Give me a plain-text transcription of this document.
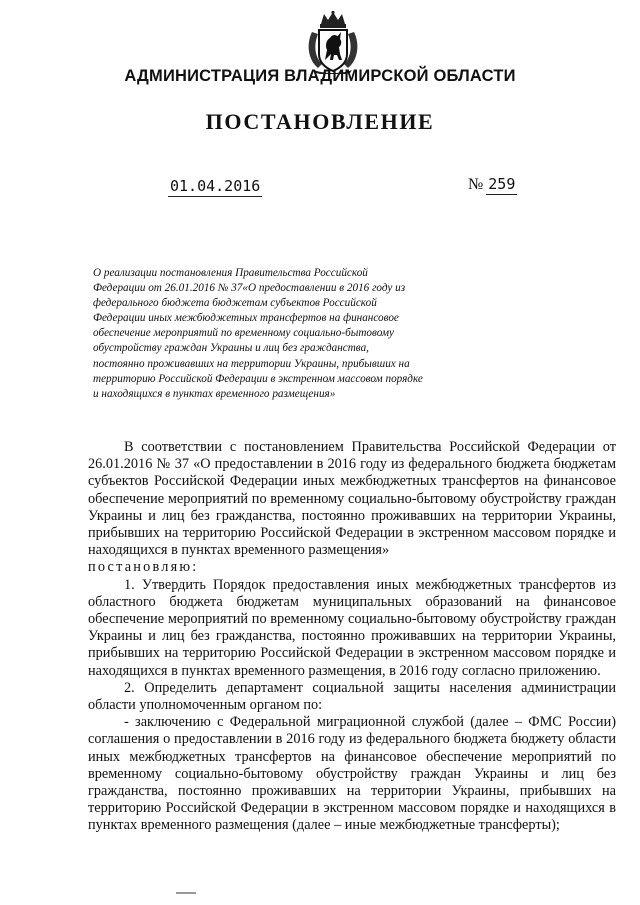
АДМИНИСТРАЦИЯ ВЛАДИМИРСКОЙ ОБЛАСТИ
ПОСТАНОВЛЕНИЕ
01.04.2016	№ 259
О реализации постановления Правительства Российской Федерации от 26.01.2016 № 37«О предоставлении в 2016 году из федерального бюджета бюджетам субъектов Российской Федерации иных межбюджетных трансфертов на финансовое обеспечение мероприятий по временному социально-бытовому обустройству граждан Украины и лиц без гражданства, постоянно проживавших на территории Украины, прибывших на территорию Российской Федерации в экстренном массовом порядке и находящихся в пунктах временного размещения»

В соответствии с постановлением Правительства Российской Федерации от 26.01.2016 № 37 «О предоставлении в 2016 году из федерального бюджета бюджетам субъектов Российской Федерации иных межбюджетных трансфертов на финансовое обеспечение мероприятий по временному социально-бытовому обустройству граждан Украины и лиц без гражданства, постоянно проживавших на территории Украины, прибывших на территорию Российской Федерации в экстренном массовом порядке и находящихся в пунктах временного размещения»

постановляю:

1. Утвердить Порядок предоставления иных межбюджетных трансфертов из областного бюджета бюджетам муниципальных образований на финансовое обеспечение мероприятий по временному социально-бытовому обустройству граждан Украины и лиц без гражданства, постоянно проживавших на территории Украины, прибывших на территорию Российской Федерации в экстренном массовом порядке и находящихся в пунктах временного размещения, в 2016 году согласно приложению.

2. Определить департамент социальной защиты населения администрации области уполномоченным органом по:

- заключению с Федеральной миграционной службой (далее – ФМС России) соглашения о предоставлении в 2016 году из федерального бюджета бюджету области иных межбюджетных трансфертов на финансовое обеспечение мероприятий по временному социально-бытовому обустройству граждан Украины и лиц без гражданства, постоянно проживавших на территории Украины, прибывших на территорию Российской Федерации в экстренном массовом порядке и находящихся в пунктах временного размещения (далее – иные межбюджетные трансферты);
